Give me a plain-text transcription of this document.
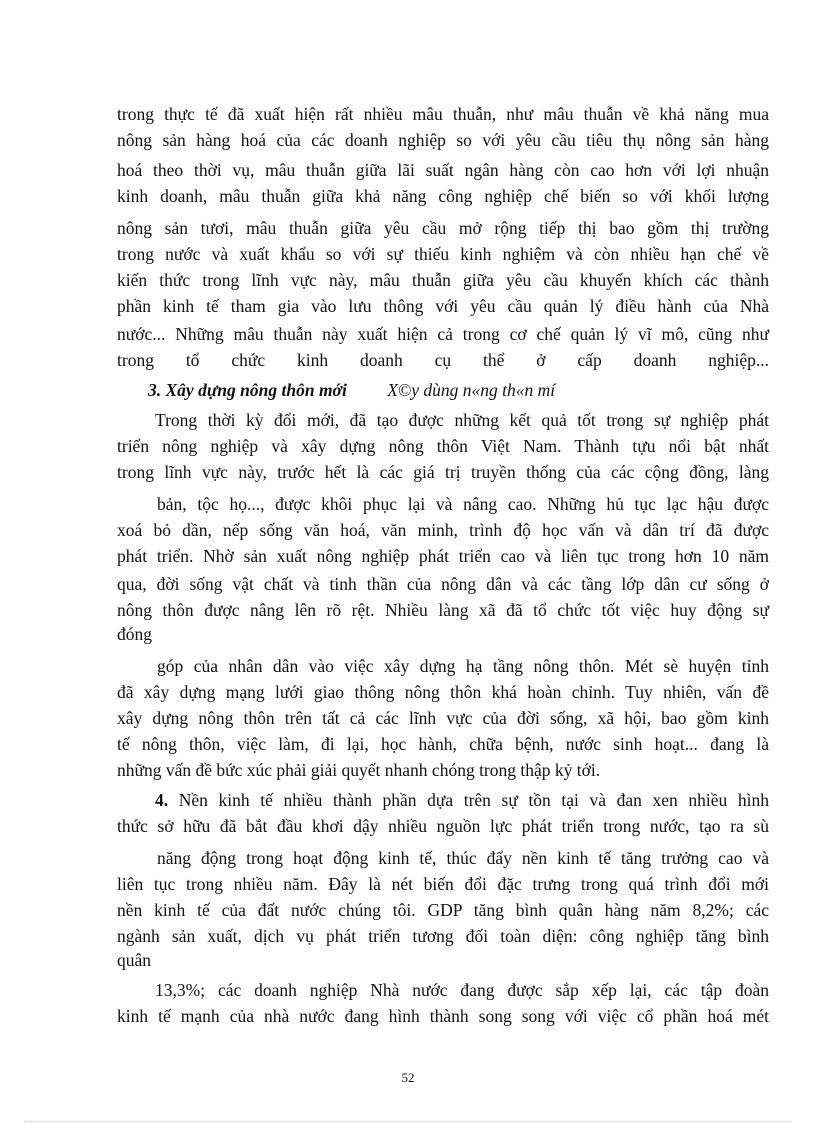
trong thực tế đã xuất hiện rất nhiều mâu thuẫn, như mâu thuẫn về khả năng mua
nông sản hàng hoá của các doanh nghiệp so với yêu cầu tiêu thụ nông sản hàng
hoá theo thời vụ, mâu thuẫn giữa lãi suất ngân hàng còn cao hơn với lợi nhuận
kinh doanh, mâu thuẫn giữa khả năng công nghiệp chế biến so với khối lượng
nông sản tươi, mâu thuẫn giữa yêu cầu mở rộng tiếp thị bao gồm thị trường
trong nước và xuất khẩu so với sự thiếu kinh nghiệm và còn nhiều hạn chế về
kiến thức trong lĩnh vực này, mâu thuẫn giữa yêu cầu khuyến khích các thành
phần kinh tế tham gia vào lưu thông với yêu cầu quản lý điều hành của Nhà
nước... Những mâu thuẫn này xuất hiện cả trong cơ chế quản lý vĩ mô, cũng như
trong tổ chức kinh doanh cụ thể ở cấp doanh nghiệp...
3. Xây dựng nông thôn mới X©y dùng n«ng th«n mí
Trong thời kỳ đổi mới, đã tạo được những kết quả tốt trong sự nghiệp phát
triển nông nghiệp và xây dựng nông thôn Việt Nam. Thành tựu nổi bật nhất
trong lĩnh vực này, trước hết là các giá trị truyền thống của các cộng đồng, làng
bản, tộc họ..., được khôi phục lại và nâng cao. Những hủ tục lạc hậu được
xoá bỏ dần, nếp sống văn hoá, văn minh, trình độ học vấn và dân trí đã được
phát triển. Nhờ sản xuất nông nghiệp phát triển cao và liên tục trong hơn 10 năm
qua, đời sống vật chất và tinh thần của nông dân và các tầng lớp dân cư sống ở
nông thôn được nâng lên rõ rệt. Nhiều làng xã đã tổ chức tốt việc huy động sự
đóng
góp của nhân dân vào việc xây dựng hạ tầng nông thôn. Mét sè huyện tỉnh
đã xây dựng mạng lưới giao thông nông thôn khá hoàn chỉnh. Tuy nhiên, vấn đề
xây dựng nông thôn trên tất cả các lĩnh vực của đời sống, xã hội, bao gồm kinh
tế nông thôn, việc làm, đi lại, học hành, chữa bệnh, nước sinh hoạt... đang là
những vấn đề bức xúc phải giải quyết nhanh chóng trong thập kỷ tới.
4. Nền kinh tế nhiều thành phần dựa trên sự tồn tại và đan xen nhiều hình
thức sở hữu đã bắt đầu khơi dậy nhiều nguồn lực phát triển trong nước, tạo ra sù
năng động trong hoạt động kinh tế, thúc đẩy nền kinh tế tăng trưởng cao và
liên tục trong nhiều năm. Đây là nét biến đổi đặc trưng trong quá trình đổi mới
nền kinh tế của đất nước chúng tôi. GDP tăng bình quân hàng năm 8,2%; các
ngành sản xuất, dịch vụ phát triển tương đối toàn diện: công nghiệp tăng bình
quân
13,3%; các doanh nghiệp Nhà nước đang được sắp xếp lại, các tập đoàn
kinh tế mạnh của nhà nước đang hình thành song song với việc cổ phần hoá mét
52
